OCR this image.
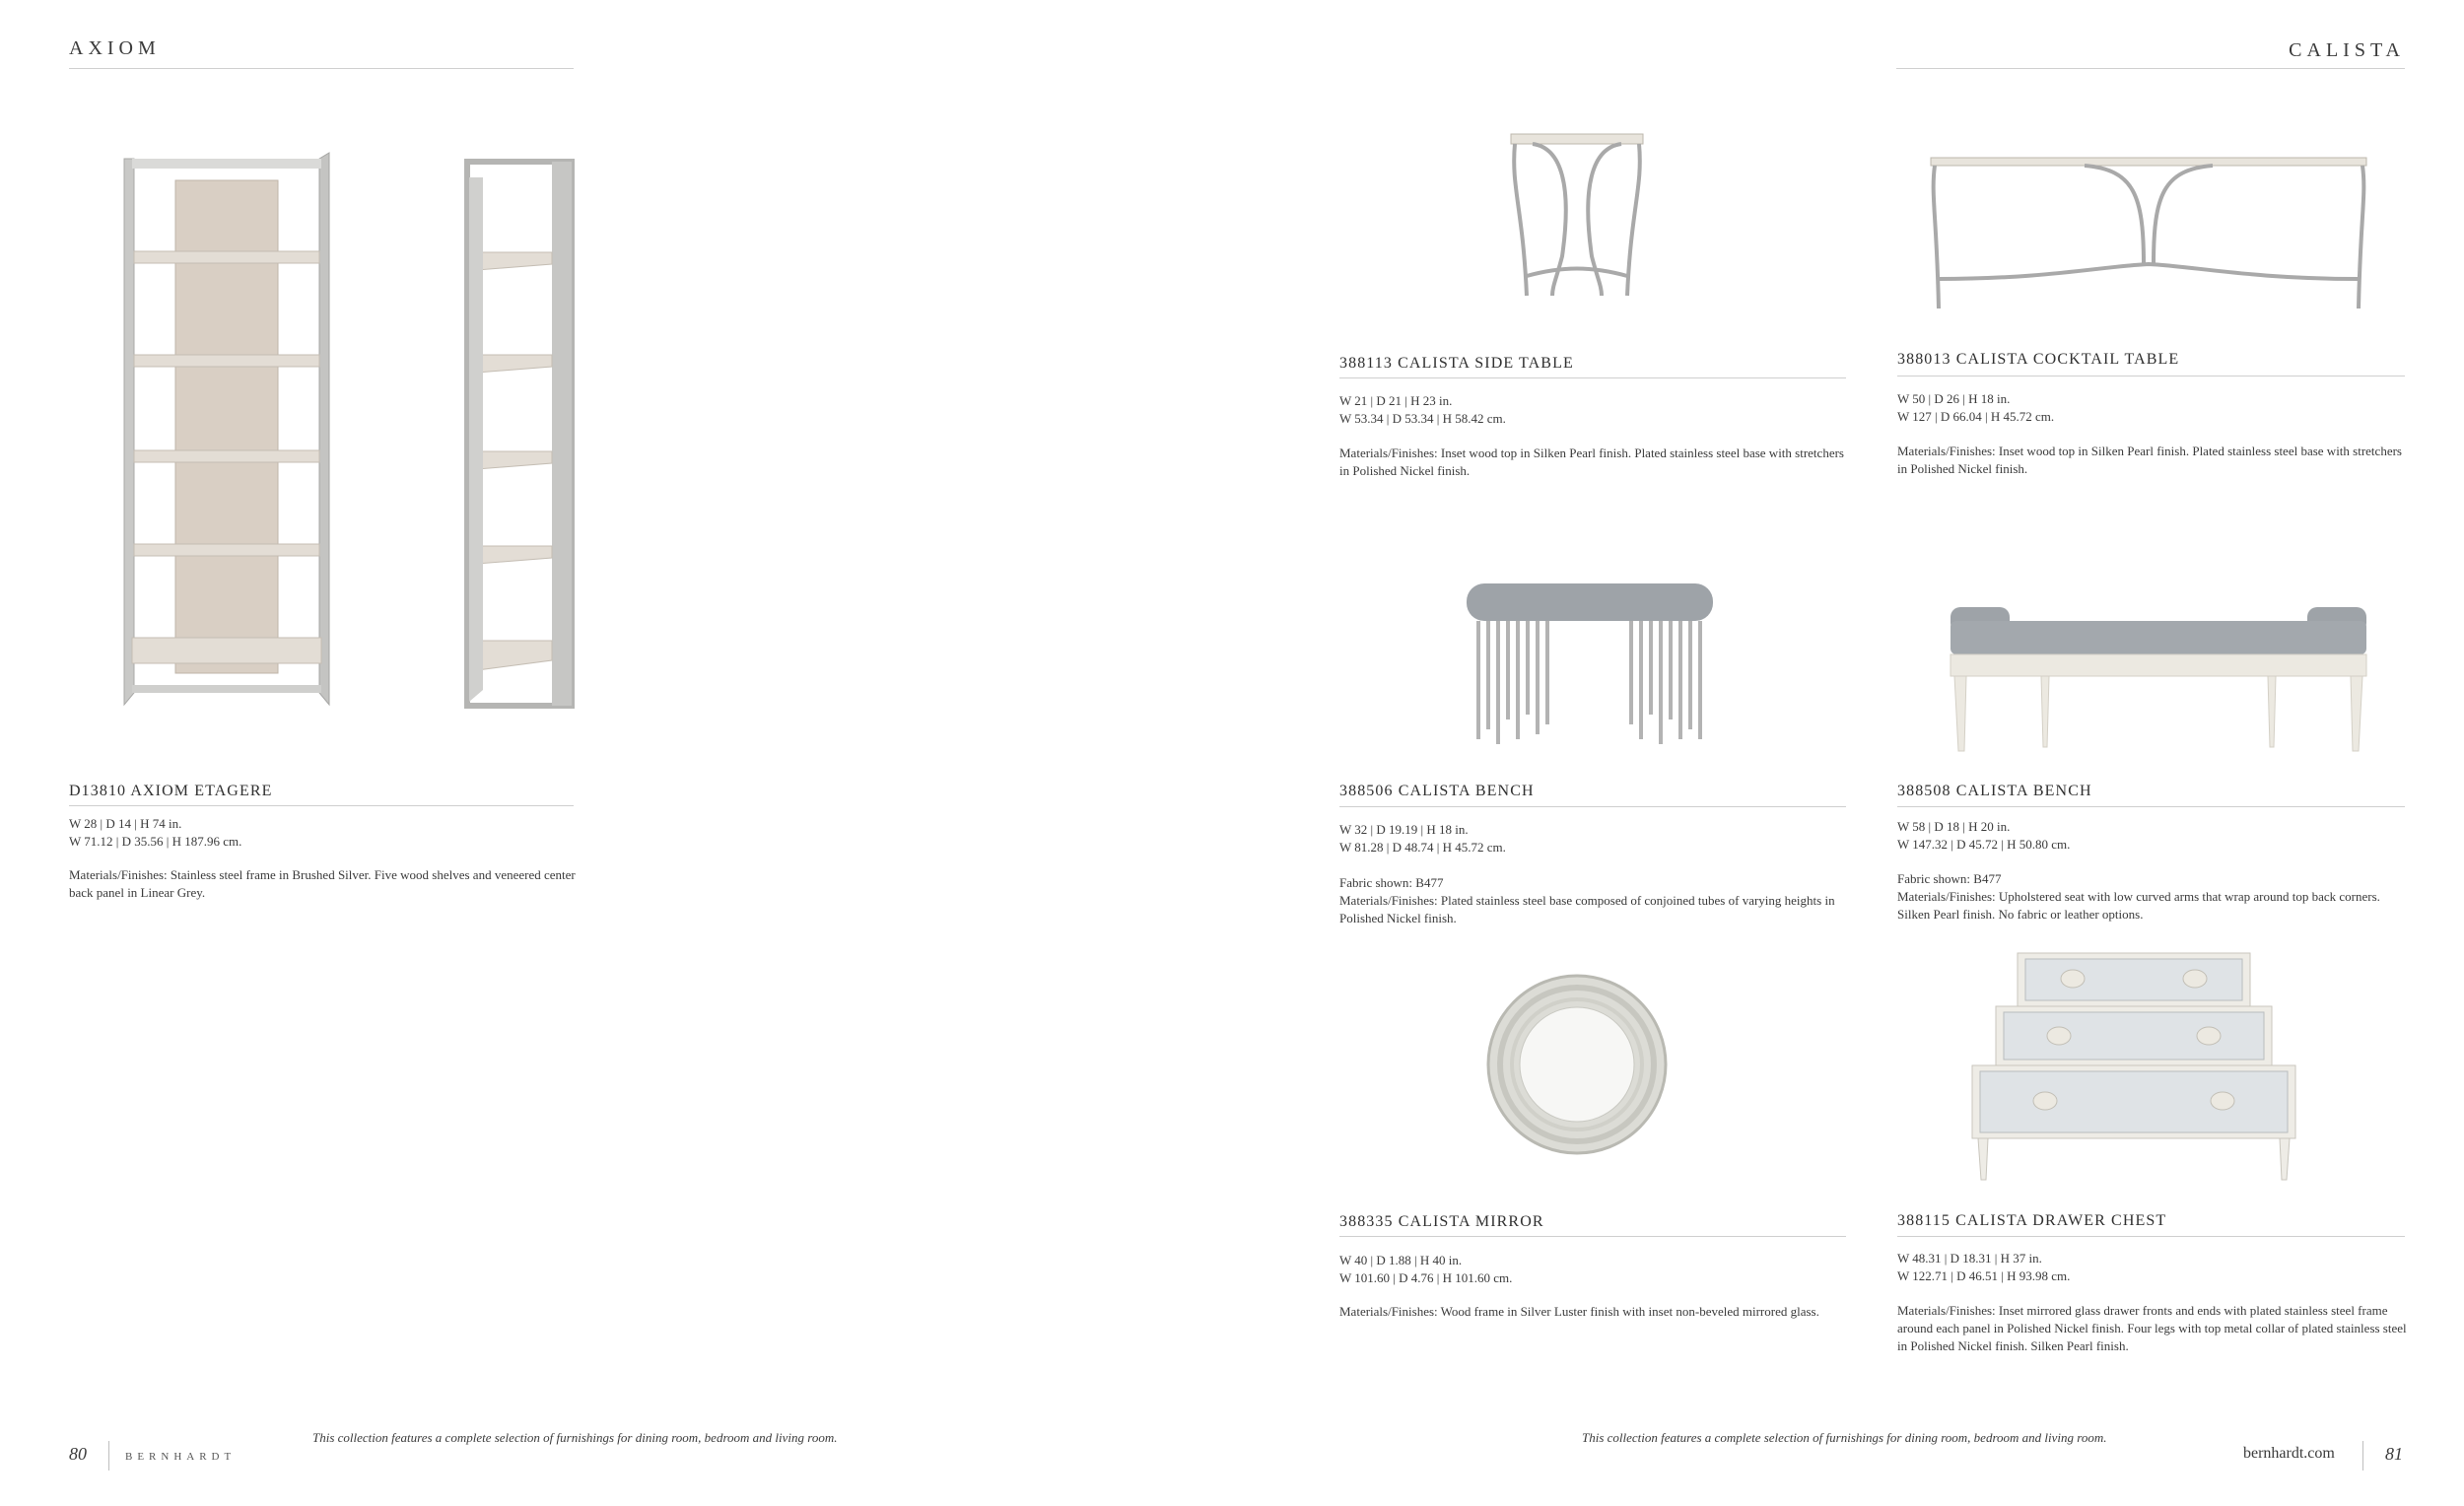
AXIOM
D13810 AXIOM ETAGERE
W 28 | D 14 | H 74 in.
W 71.12 | D 35.56 | H 187.96 cm.
Materials/Finishes: Stainless steel frame in Brushed Silver. Five wood shelves and veneered center back panel in Linear Grey.
80	BERNHARDT
This collection features a complete selection of furnishings for dining room, bedroom and living room.
CALISTA
388113 CALISTA SIDE TABLE
W 21 | D 21 | H 23 in.
W 53.34 | D 53.34 | H 58.42 cm.
Materials/Finishes: Inset wood top in Silken Pearl finish. Plated stainless steel base with stretchers in Polished Nickel finish.
388013 CALISTA COCKTAIL TABLE
W 50 | D 26 | H 18 in.
W 127 | D 66.04 | H 45.72 cm.
Materials/Finishes: Inset wood top in Silken Pearl finish. Plated stainless steel base with stretchers in Polished Nickel finish.
388506 CALISTA BENCH
W 32 | D 19.19 | H 18 in.
W 81.28 | D 48.74 | H 45.72 cm.
Fabric shown: B477
Materials/Finishes: Plated stainless steel base composed of conjoined tubes of varying heights in Polished Nickel finish.
388508 CALISTA BENCH
W 58 | D 18 | H 20 in.
W 147.32 | D 45.72 | H 50.80 cm.
Fabric shown: B477
Materials/Finishes: Upholstered seat with low curved arms that wrap around top back corners. Silken Pearl finish. No fabric or leather options.
388335 CALISTA MIRROR
W 40 | D 1.88 | H 40 in.
W 101.60 | D 4.76 | H 101.60 cm.
Materials/Finishes: Wood frame in Silver Luster finish with inset non-beveled mirrored glass.
388115 CALISTA DRAWER CHEST
W 48.31 | D 18.31 | H 37 in.
W 122.71 | D 46.51 | H 93.98 cm.
Materials/Finishes: Inset mirrored glass drawer fronts and ends with plated stainless steel frame around each panel in Polished Nickel finish. Four legs with top metal collar of plated stainless steel in Polished Nickel finish. Silken Pearl finish.
This collection features a complete selection of furnishings for dining room, bedroom and living room.
bernhardt.com	81
